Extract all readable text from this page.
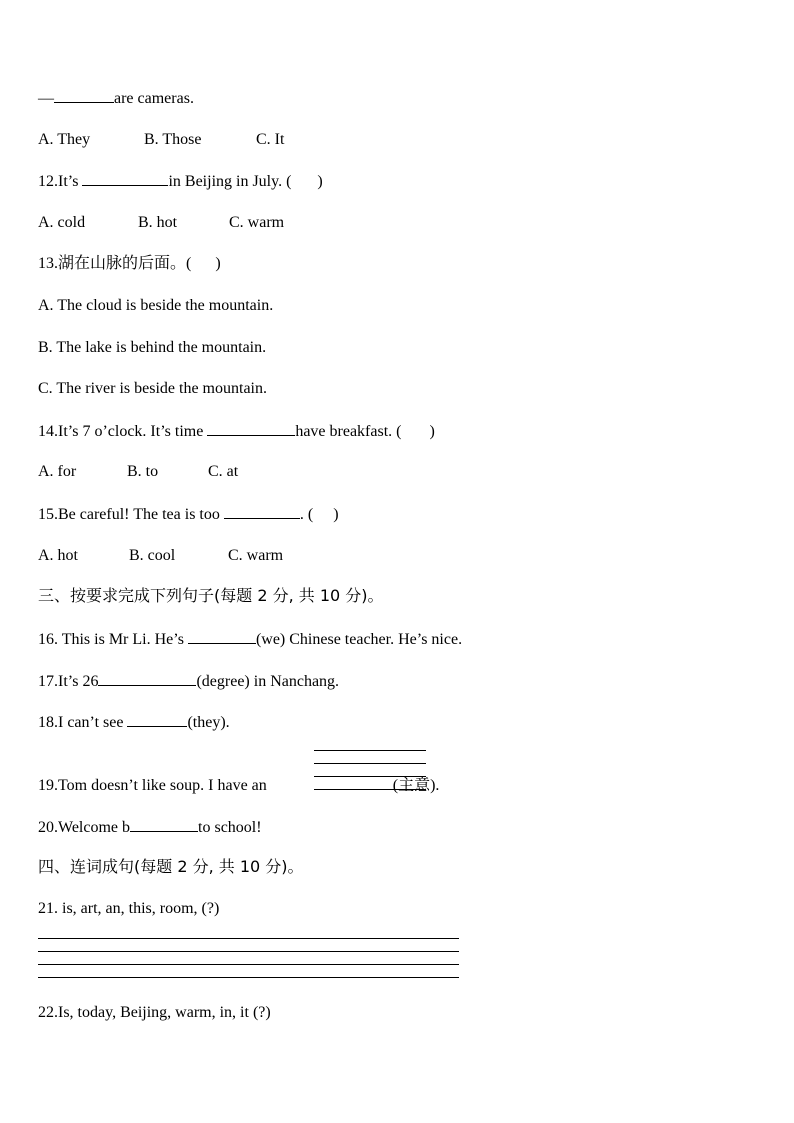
—	are cameras.
A. They	B. Those	C. It
12.It’s	in Beijing in July. ( )
A. cold	B. hot	C. warm
13.湖在山脉的后面。( )
A. The cloud is beside the mountain.
B. The lake is behind the mountain.
C. The river is beside the mountain.
14.It’s 7 o’clock. It’s time	have breakfast. ( )
A. for	B. to	C. at
15.Be careful! The tea is too	. ( )
A. hot	B. cool	C. warm
三、按要求完成下列句子(每题 2 分, 共 10 分)。
16. This is Mr Li. He’s	(we) Chinese teacher. He’s nice.
17.It’s 26	(degree) in Nanchang.
18.I can’t see	(they).
19.Tom doesn’t like soup. I have an	(主意).
20.Welcome b	to school!
四、连词成句(每题 2 分, 共 10 分)。
21. is, art, an, this, room, (?)
22.Is, today, Beijing, warm, in, it (?)
